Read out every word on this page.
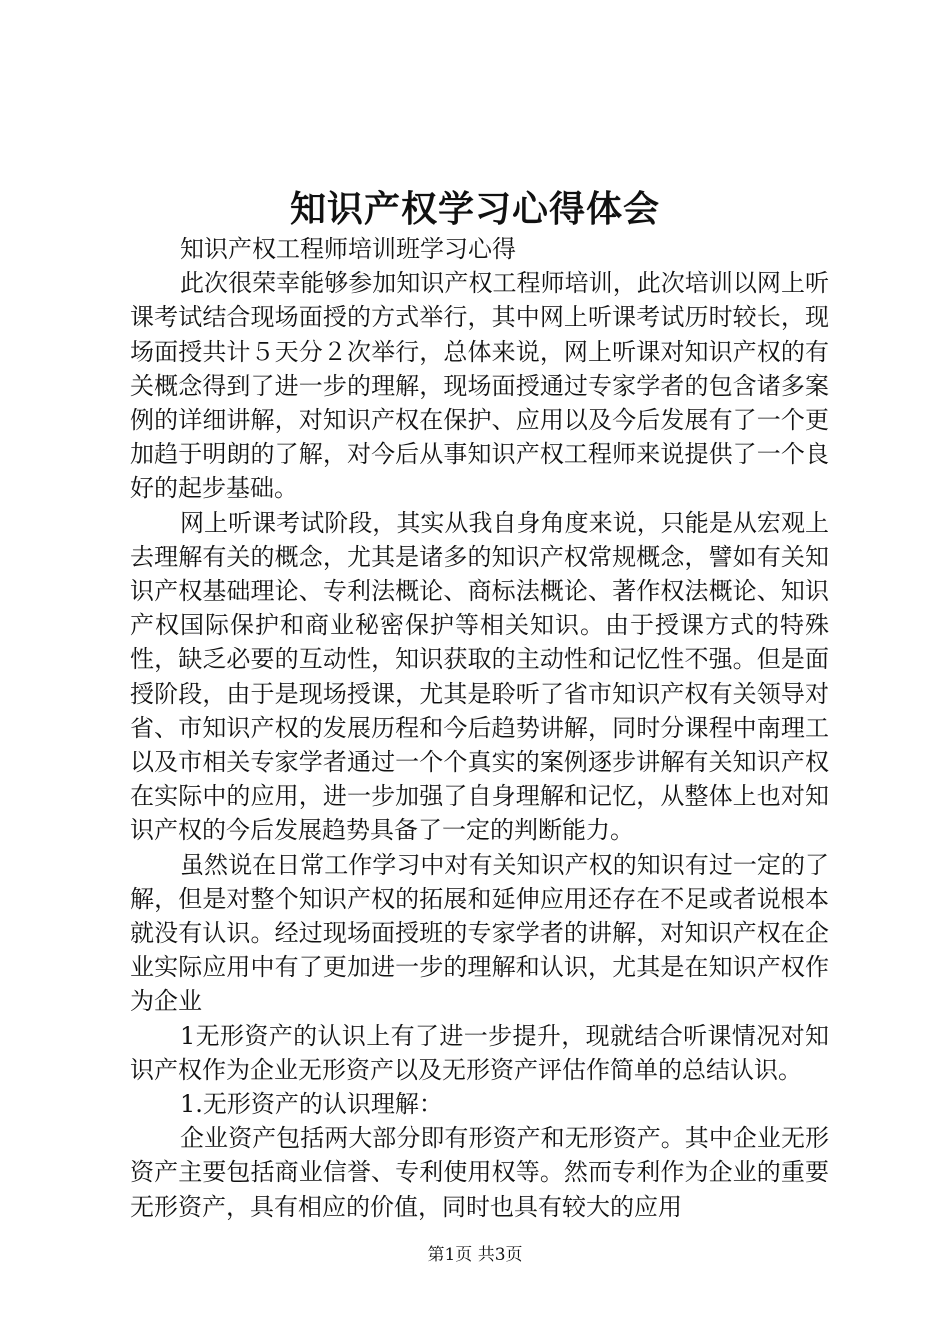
知识产权学习心得体会

知识产权工程师培训班学习心得

此次很荣幸能够参加知识产权工程师培训，此次培训以网上听课考试结合现场面授的方式举行，其中网上听课考试历时较长，现场面授共计５天分２次举行，总体来说，网上听课对知识产权的有关概念得到了进一步的理解，现场面授通过专家学者的包含诸多案例的详细讲解，对知识产权在保护、应用以及今后发展有了一个更加趋于明朗的了解，对今后从事知识产权工程师来说提供了一个良好的起步基础。

网上听课考试阶段，其实从我自身角度来说，只能是从宏观上去理解有关的概念，尤其是诸多的知识产权常规概念，譬如有关知识产权基础理论、专利法概论、商标法概论、著作权法概论、知识产权国际保护和商业秘密保护等相关知识。由于授课方式的特殊性，缺乏必要的互动性，知识获取的主动性和记忆性不强。但是面授阶段，由于是现场授课，尤其是聆听了省市知识产权有关领导对省、市知识产权的发展历程和今后趋势讲解，同时分课程中南理工以及市相关专家学者通过一个个真实的案例逐步讲解有关知识产权在实际中的应用，进一步加强了自身理解和记忆，从整体上也对知识产权的今后发展趋势具备了一定的判断能力。

虽然说在日常工作学习中对有关知识产权的知识有过一定的了解，但是对整个知识产权的拓展和延伸应用还存在不足或者说根本就没有认识。经过现场面授班的专家学者的讲解，对知识产权在企业实际应用中有了更加进一步的理解和认识，尤其是在知识产权作为企业

1无形资产的认识上有了进一步提升，现就结合听课情况对知识产权作为企业无形资产以及无形资产评估作简单的总结认识。

1.无形资产的认识理解：

企业资产包括两大部分即有形资产和无形资产。其中企业无形资产主要包括商业信誉、专利使用权等。然而专利作为企业的重要无形资产，具有相应的价值，同时也具有较大的应用

第1页 共3页
